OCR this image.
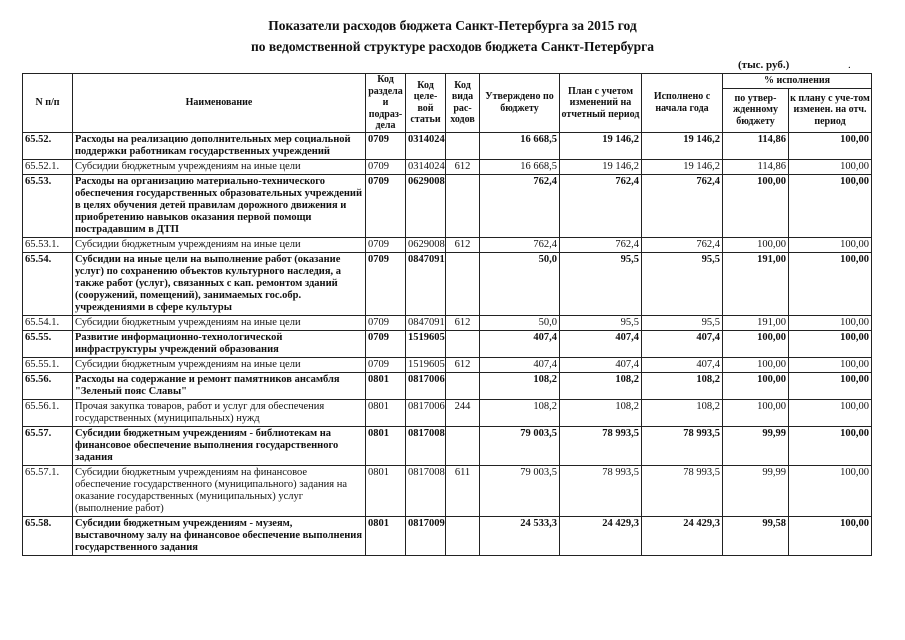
Показатели расходов бюджета Санкт-Петербурга за 2015 год
по ведомственной структуре расходов бюджета Санкт-Петербурга
(тыс. руб.)	.
N п/п	Наименование	Код раздела и подраз-дела	Код целе-вой статьи	Код вида рас-ходов	Утверждено по бюджету	План с учетом изменений на отчетный период	Исполнено с начала года	% исполнения	
								по утвер-жденному бюджету	к плану с уче-том изменен. на отч. период
65.52.	Расходы на реализацию дополнительных мер социальной поддержки работникам государственных учреждений	0709	0314024		16 668,5	19 146,2	19 146,2	114,86	100,00
65.52.1.	Субсидии бюджетным учреждениям на иные цели	0709	0314024	612	16 668,5	19 146,2	19 146,2	114,86	100,00
65.53.	Расходы на организацию материально-технического обеспечения государственных образовательных учреждений в целях обучения детей правилам дорожного движения и приобретению навыков оказания первой помощи пострадавшим в ДТП	0709	0629008		762,4	762,4	762,4	100,00	100,00
65.53.1.	Субсидии бюджетным учреждениям на иные цели	0709	0629008	612	762,4	762,4	762,4	100,00	100,00
65.54.	Субсидии на иные цели на выполнение работ (оказание услуг) по сохранению объектов культурного наследия, а также работ (услуг), связанных с кап. ремонтом зданий (сооружений, помещений), занимаемых гос.обр. учреждениями в сфере культуры	0709	0847091		50,0	95,5	95,5	191,00	100,00
65.54.1.	Субсидии бюджетным учреждениям на иные цели	0709	0847091	612	50,0	95,5	95,5	191,00	100,00
65.55.	Развитие информационно-технологической инфраструктуры учреждений образования	0709	1519605		407,4	407,4	407,4	100,00	100,00
65.55.1.	Субсидии бюджетным учреждениям на иные цели	0709	1519605	612	407,4	407,4	407,4	100,00	100,00
65.56.	Расходы на содержание и ремонт памятников ансамбля "Зеленый пояс Славы"	0801	0817006		108,2	108,2	108,2	100,00	100,00
65.56.1.	Прочая закупка товаров, работ и услуг для обеспечения государственных (муниципальных) нужд	0801	0817006	244	108,2	108,2	108,2	100,00	100,00
65.57.	Субсидии бюджетным учреждениям - библиотекам на финансовое обеспечение выполнения государственного задания	0801	0817008		79 003,5	78 993,5	78 993,5	99,99	100,00
65.57.1.	Субсидии бюджетным учреждениям на финансовое обеспечение государственного (муниципального) задания на оказание государственных (муниципальных) услуг (выполнение работ)	0801	0817008	611	79 003,5	78 993,5	78 993,5	99,99	100,00
65.58.	Субсидии бюджетным учреждениям - музеям, выставочному залу на финансовое обеспечение выполнения государственного задания	0801	0817009		24 533,3	24 429,3	24 429,3	99,58	100,00
